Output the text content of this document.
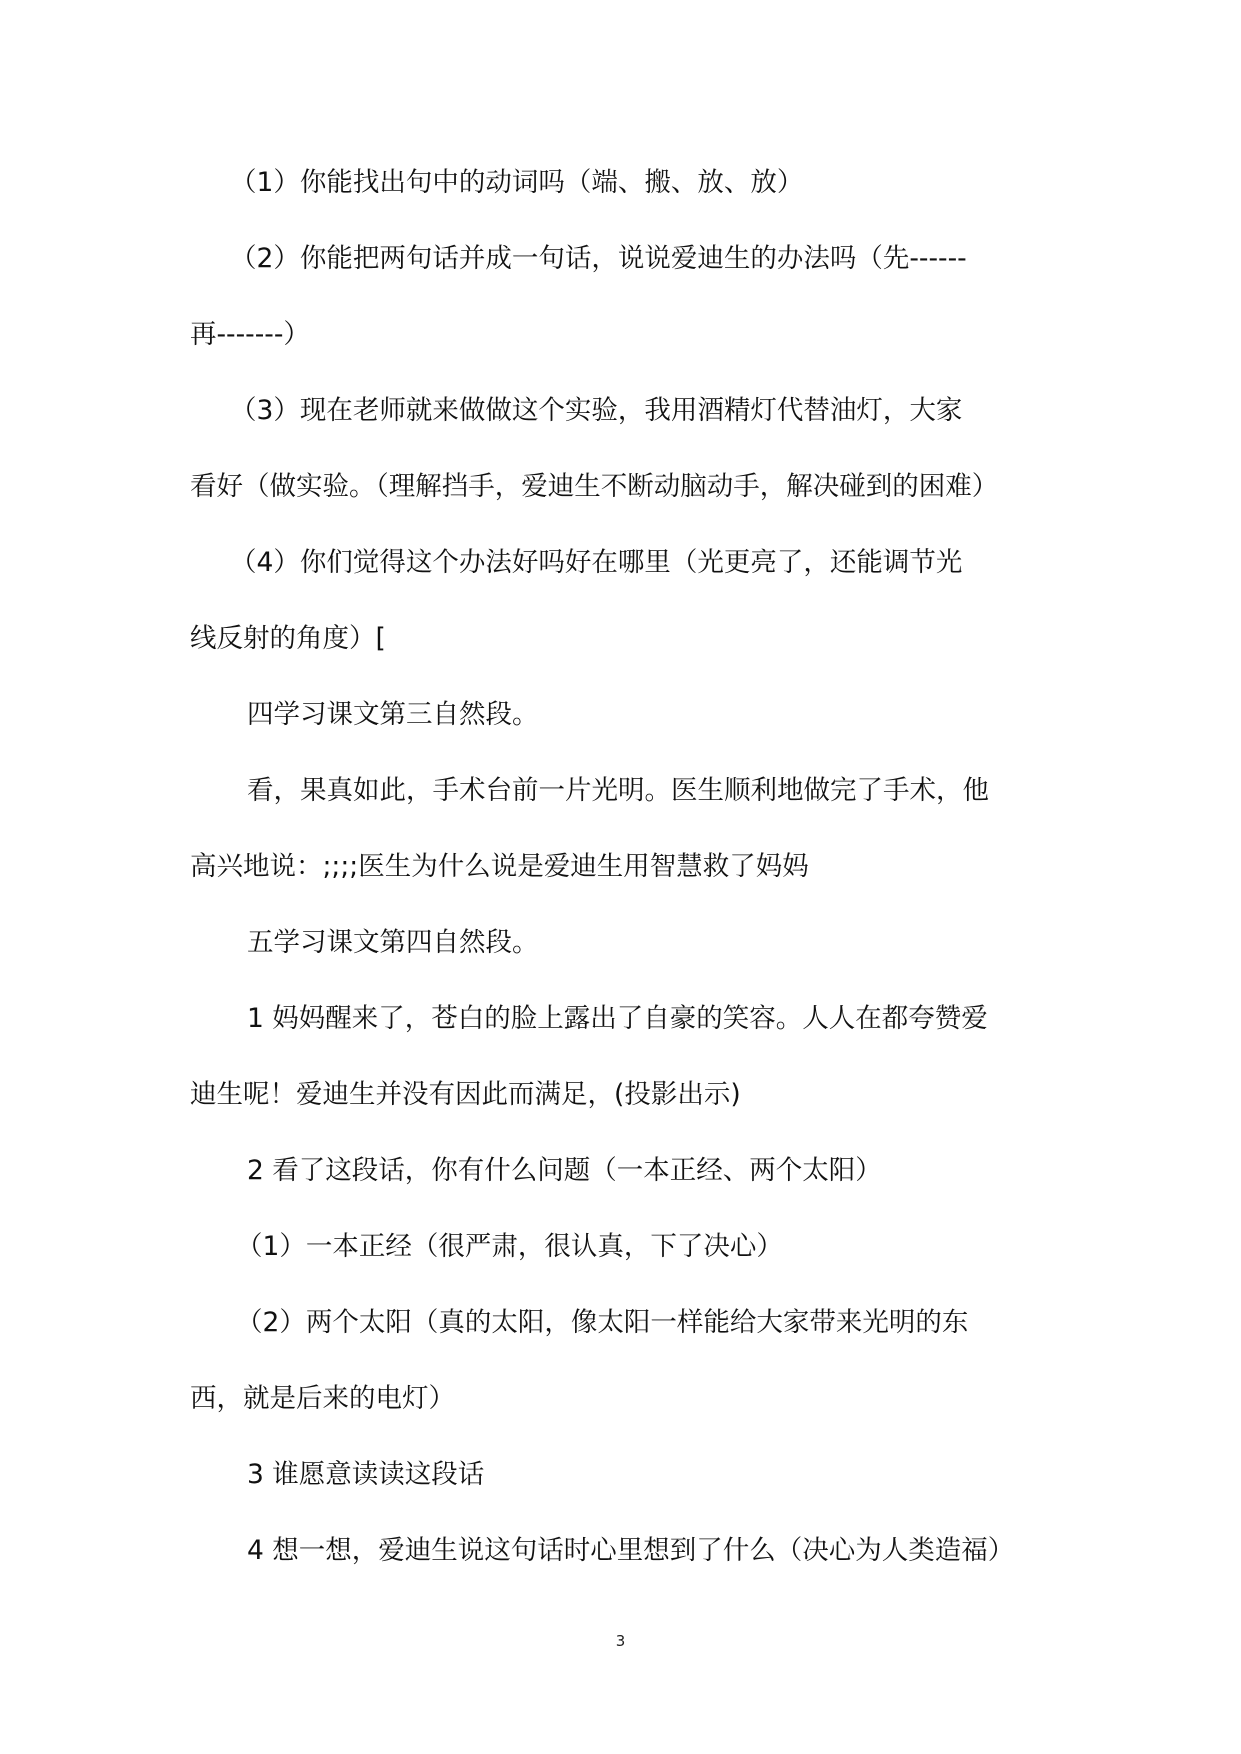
（1）你能找出句中的动词吗（端、搬、放、放）

（2）你能把两句话并成一句话，说说爱迪生的办法吗（先------
再-------）

（3）现在老师就来做做这个实验，我用酒精灯代替油灯，大家
看好（做实验。（理解挡手，爱迪生不断动脑动手，解决碰到的困难）

（4）你们觉得这个办法好吗好在哪里（光更亮了，还能调节光
线反射的角度）[

四学习课文第三自然段。

看，果真如此，手术台前一片光明。医生顺利地做完了手术，他
高兴地说：;;;;医生为什么说是爱迪生用智慧救了妈妈

五学习课文第四自然段。

1 妈妈醒来了，苍白的脸上露出了自豪的笑容。人人在都夸赞爱
迪生呢！爱迪生并没有因此而满足，(投影出示)

2 看了这段话，你有什么问题（一本正经、两个太阳）

（1）一本正经（很严肃，很认真，下了决心）

（2）两个太阳（真的太阳，像太阳一样能给大家带来光明的东
西，就是后来的电灯）

3 谁愿意读读这段话

4 想一想，爱迪生说这句话时心里想到了什么（决心为人类造福）

3
